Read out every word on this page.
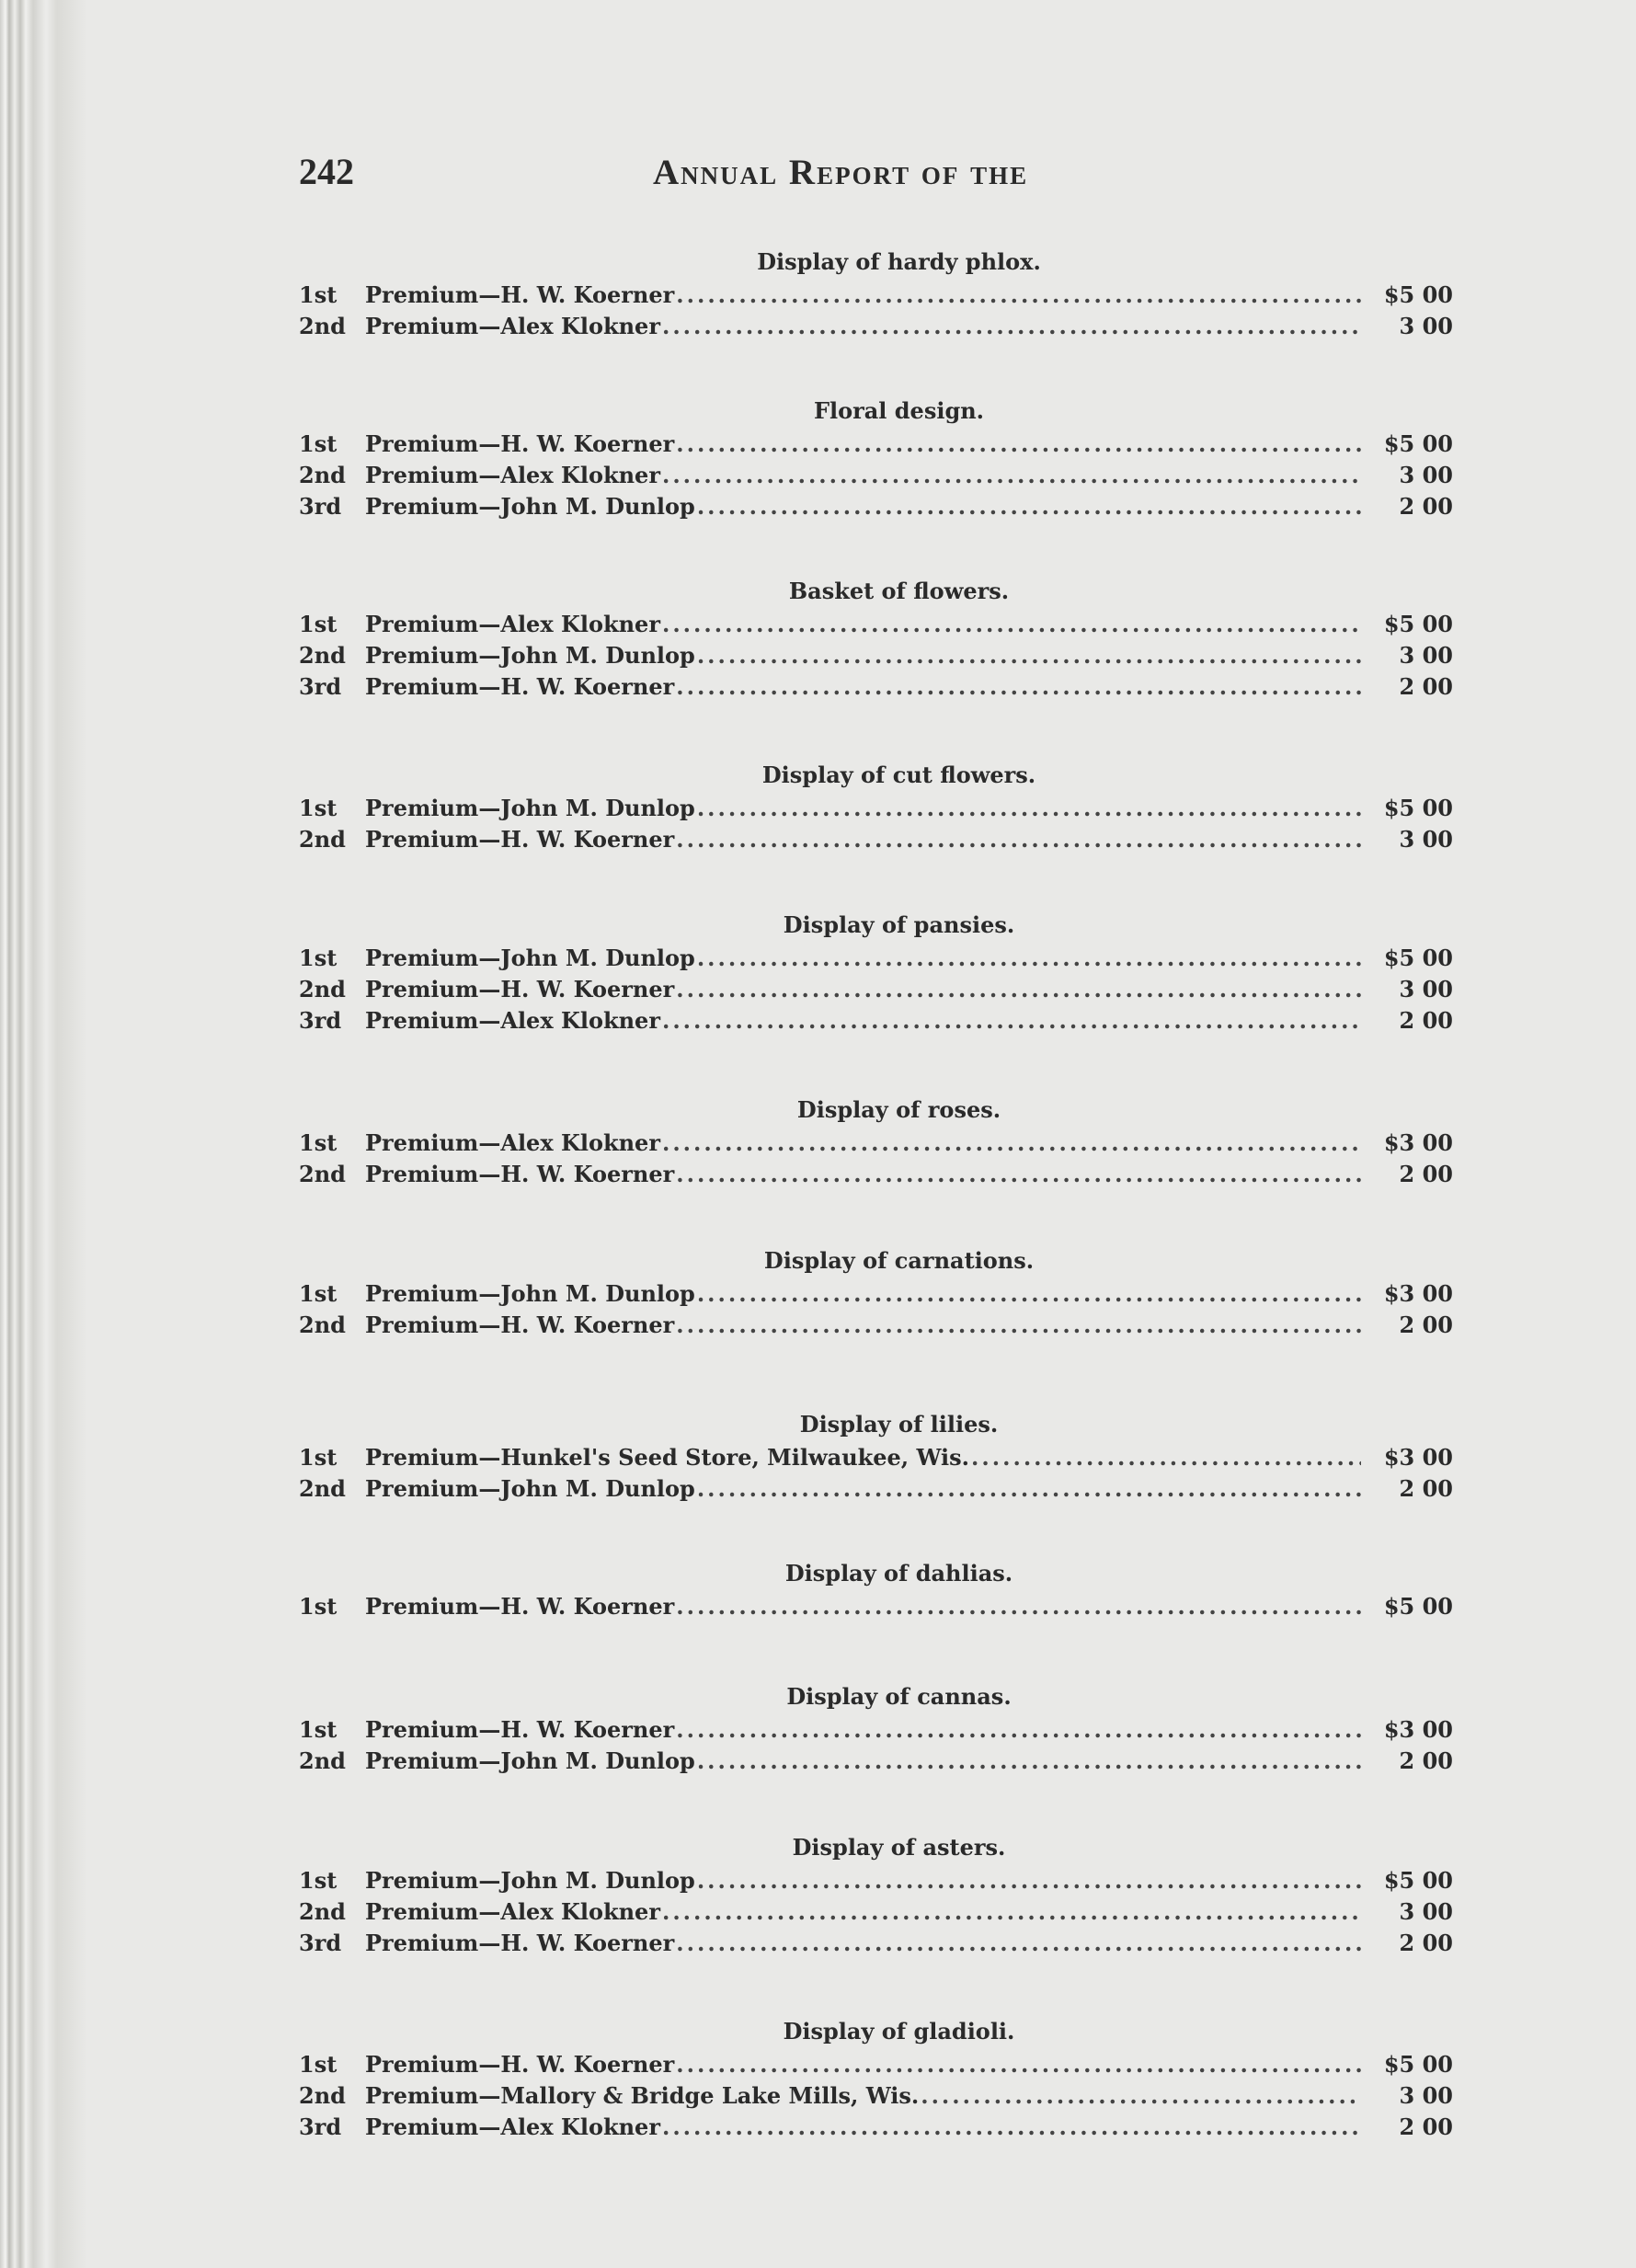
242	Annual Report of the
Display of hardy phlox.
1st	Premium—H. W. Koerner .....	$5 00
2nd Premium—Alex Klokner .....	3 00
Floral design.
1st	Premium—H. W. Koerner .....	$5 00
2nd Premium—Alex Klokner .....	3 00
3rd	Premium—John M. Dunlop .....	2 00
Basket of flowers.
1st	Premium—Alex Klokner .....	$5 00
2nd Premium—John M. Dunlop .....	3 00
3rd	Premium—H. W. Koerner .....	2 00
Display of cut flowers.
1st	Premium—John M. Dunlop .....	$5 00
2nd Premium—H. W. Koerner .....	3 00
Display of pansies.
1st	Premium—John M. Dunlop .....	$5 00
2nd Premium—H. W. Koerner .....	3 00
3rd	Premium—Alex Klokner .....	2 00
Display of roses.
1st	Premium—Alex Klokner .....	$3 00
2nd Premium—H. W. Koerner .....	2 00
Display of carnations.
1st	Premium—John M. Dunlop .....	$3 00
2nd Premium—H. W. Koerner .....	2 00
Display of lilies.
1st	Premium—Hunkel's Seed Store, Milwaukee, Wis. .....	$3 00
2nd Premium—John M. Dunlop .....	2 00
Display of dahlias.
1st	Premium—H. W. Koerner .....	$5 00
Display of cannas.
1st	Premium—H. W. Koerner .....	$3 00
2nd Premium—John M. Dunlop .....	2 00
Display of asters.
1st	Premium—John M. Dunlop .....	$5 00
2nd Premium—Alex Klokner .....	3 00
3rd	Premium—H. W. Koerner .....	2 00
Display of gladioli.
1st	Premium—H. W. Koerner .....	$5 00
2nd Premium—Mallory & Bridge Lake Mills, Wis. .....	3 00
3rd	Premium—Alex Klokner .....	2 00
